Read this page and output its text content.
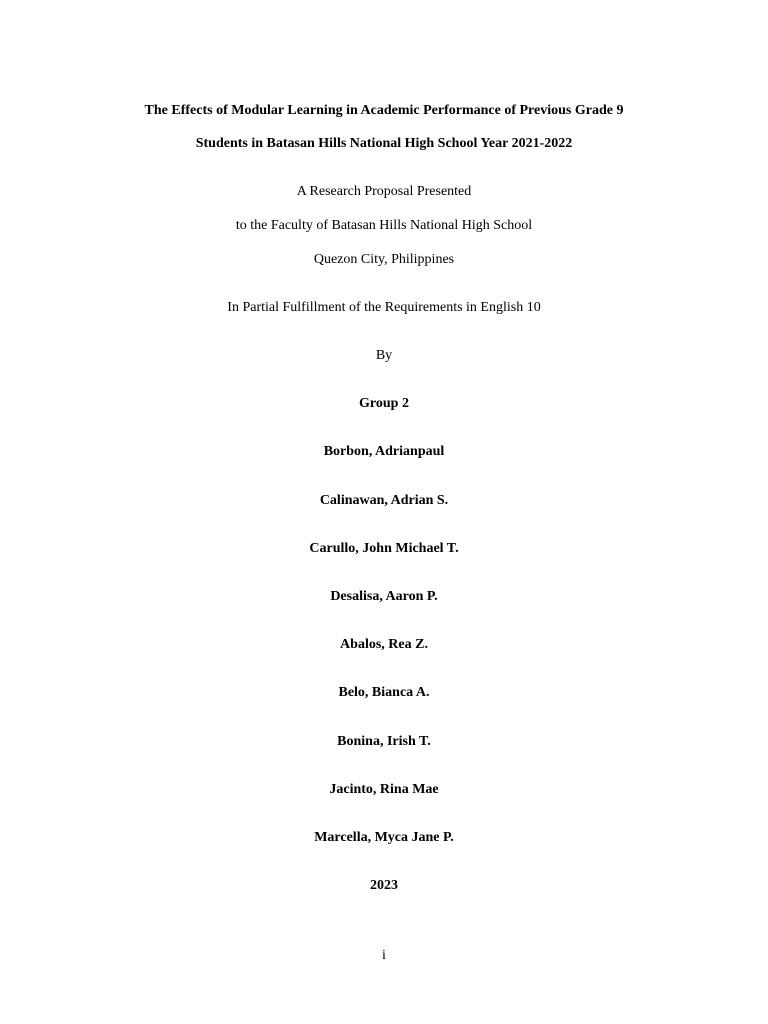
The Effects of Modular Learning in Academic Performance of Previous Grade 9
Students in Batasan Hills National High School Year 2021-2022
A Research Proposal Presented
to the Faculty of Batasan Hills National High School
Quezon City, Philippines
In Partial Fulfillment of the Requirements in English 10
By
Group 2
Borbon, Adrianpaul
Calinawan, Adrian S.
Carullo, John Michael T.
Desalisa, Aaron P.
Abalos, Rea Z.
Belo, Bianca A.
Bonina, Irish T.
Jacinto, Rina Mae
Marcella, Myca Jane P.
2023
i
